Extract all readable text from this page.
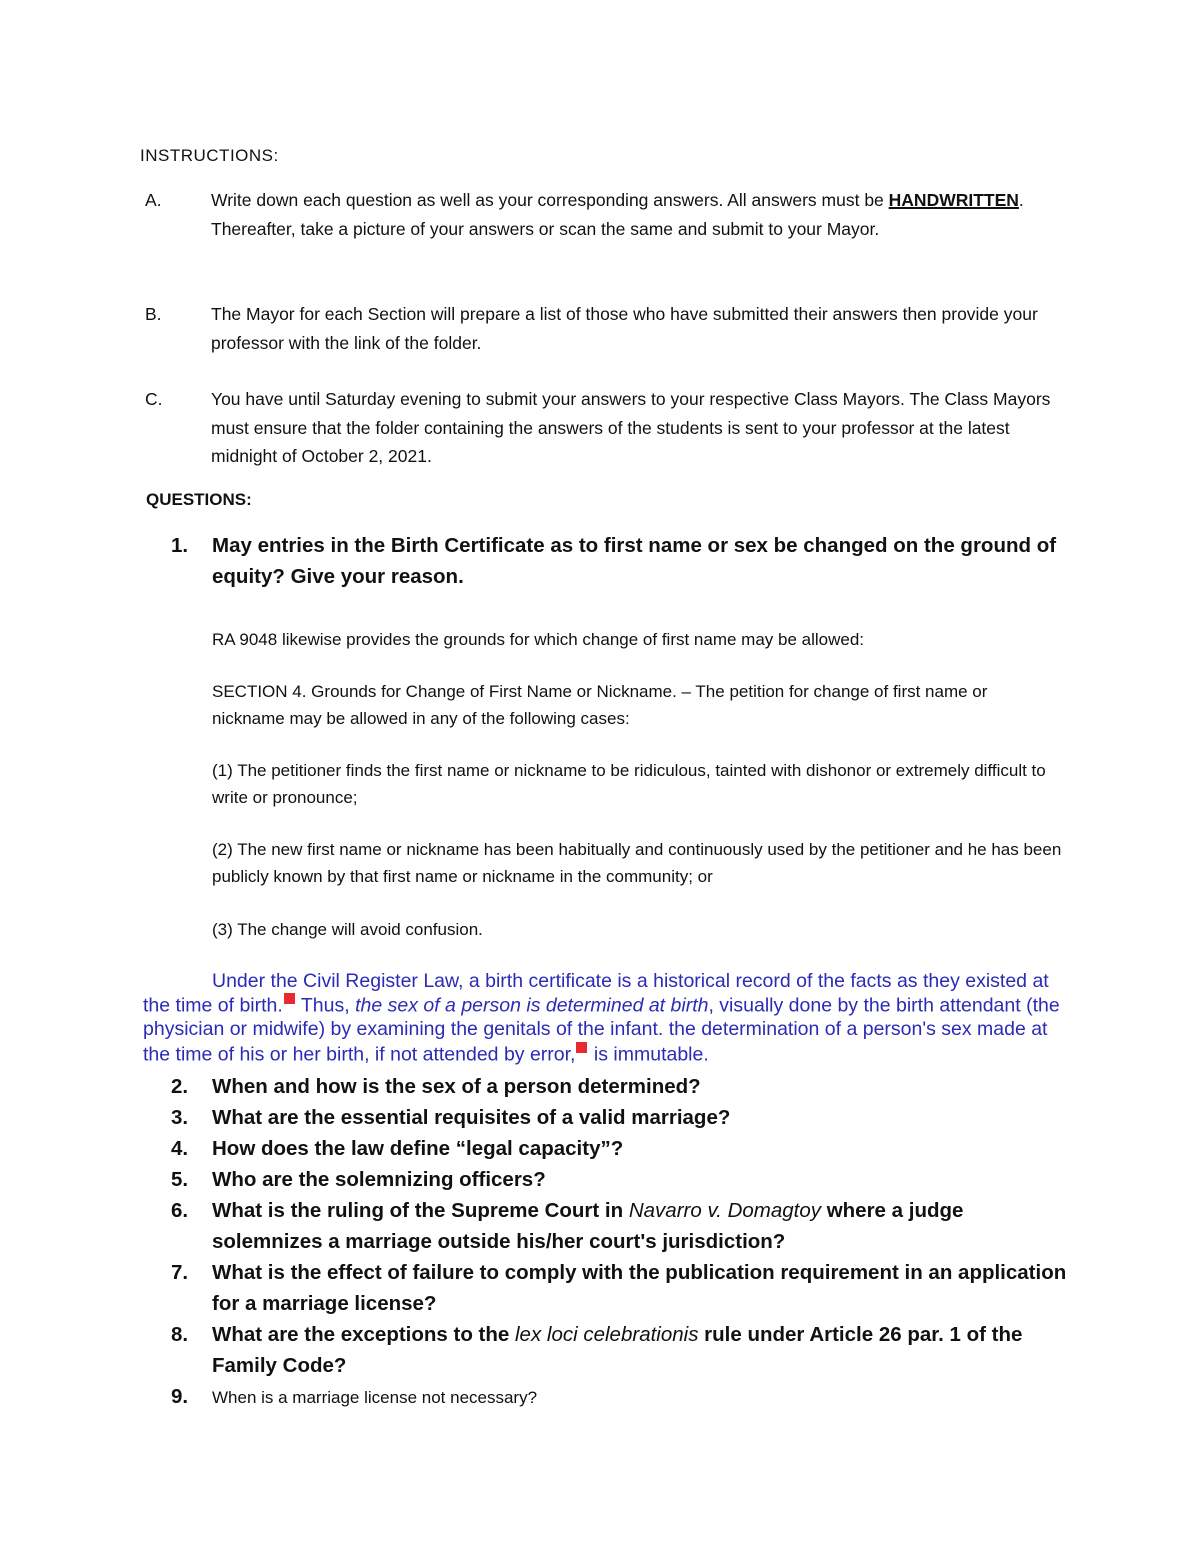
INSTRUCTIONS:

A.	Write down each question as well as your corresponding answers. All answers must be HANDWRITTEN. Thereafter, take a picture of your answers or scan the same and submit to your Mayor.
B.	The Mayor for each Section will prepare a list of those who have submitted their answers then provide your professor with the link of the folder.
C.	You have until Saturday evening to submit your answers to your respective Class Mayors. The Class Mayors must ensure that the folder containing the answers of the students is sent to your professor at the latest midnight of October 2, 2021.

QUESTIONS:

1. May entries in the Birth Certificate as to first name or sex be changed on the ground of equity? Give your reason.

RA 9048 likewise provides the grounds for which change of first name may be allowed:

SECTION 4. Grounds for Change of First Name or Nickname. – The petition for change of first name or nickname may be allowed in any of the following cases:

(1) The petitioner finds the first name or nickname to be ridiculous, tainted with dishonor or extremely difficult to write or pronounce;

(2) The new first name or nickname has been habitually and continuously used by the petitioner and he has been publicly known by that first name or nickname in the community; or

(3) The change will avoid confusion.

Under the Civil Register Law, a birth certificate is a historical record of the facts as they existed at the time of birth. Thus, the sex of a person is determined at birth, visually done by the birth attendant (the physician or midwife) by examining the genitals of the infant. the determination of a person's sex made at the time of his or her birth, if not attended by error, is immutable.

2. When and how is the sex of a person determined?
3. What are the essential requisites of a valid marriage?
4. How does the law define “legal capacity”?
5. Who are the solemnizing officers?
6. What is the ruling of the Supreme Court in Navarro v. Domagtoy where a judge solemnizes a marriage outside his/her court's jurisdiction?
7. What is the effect of failure to comply with the publication requirement in an application for a marriage license?
8. What are the exceptions to the lex loci celebrationis rule under Article 26 par. 1 of the Family Code?
9. When is a marriage license not necessary?
